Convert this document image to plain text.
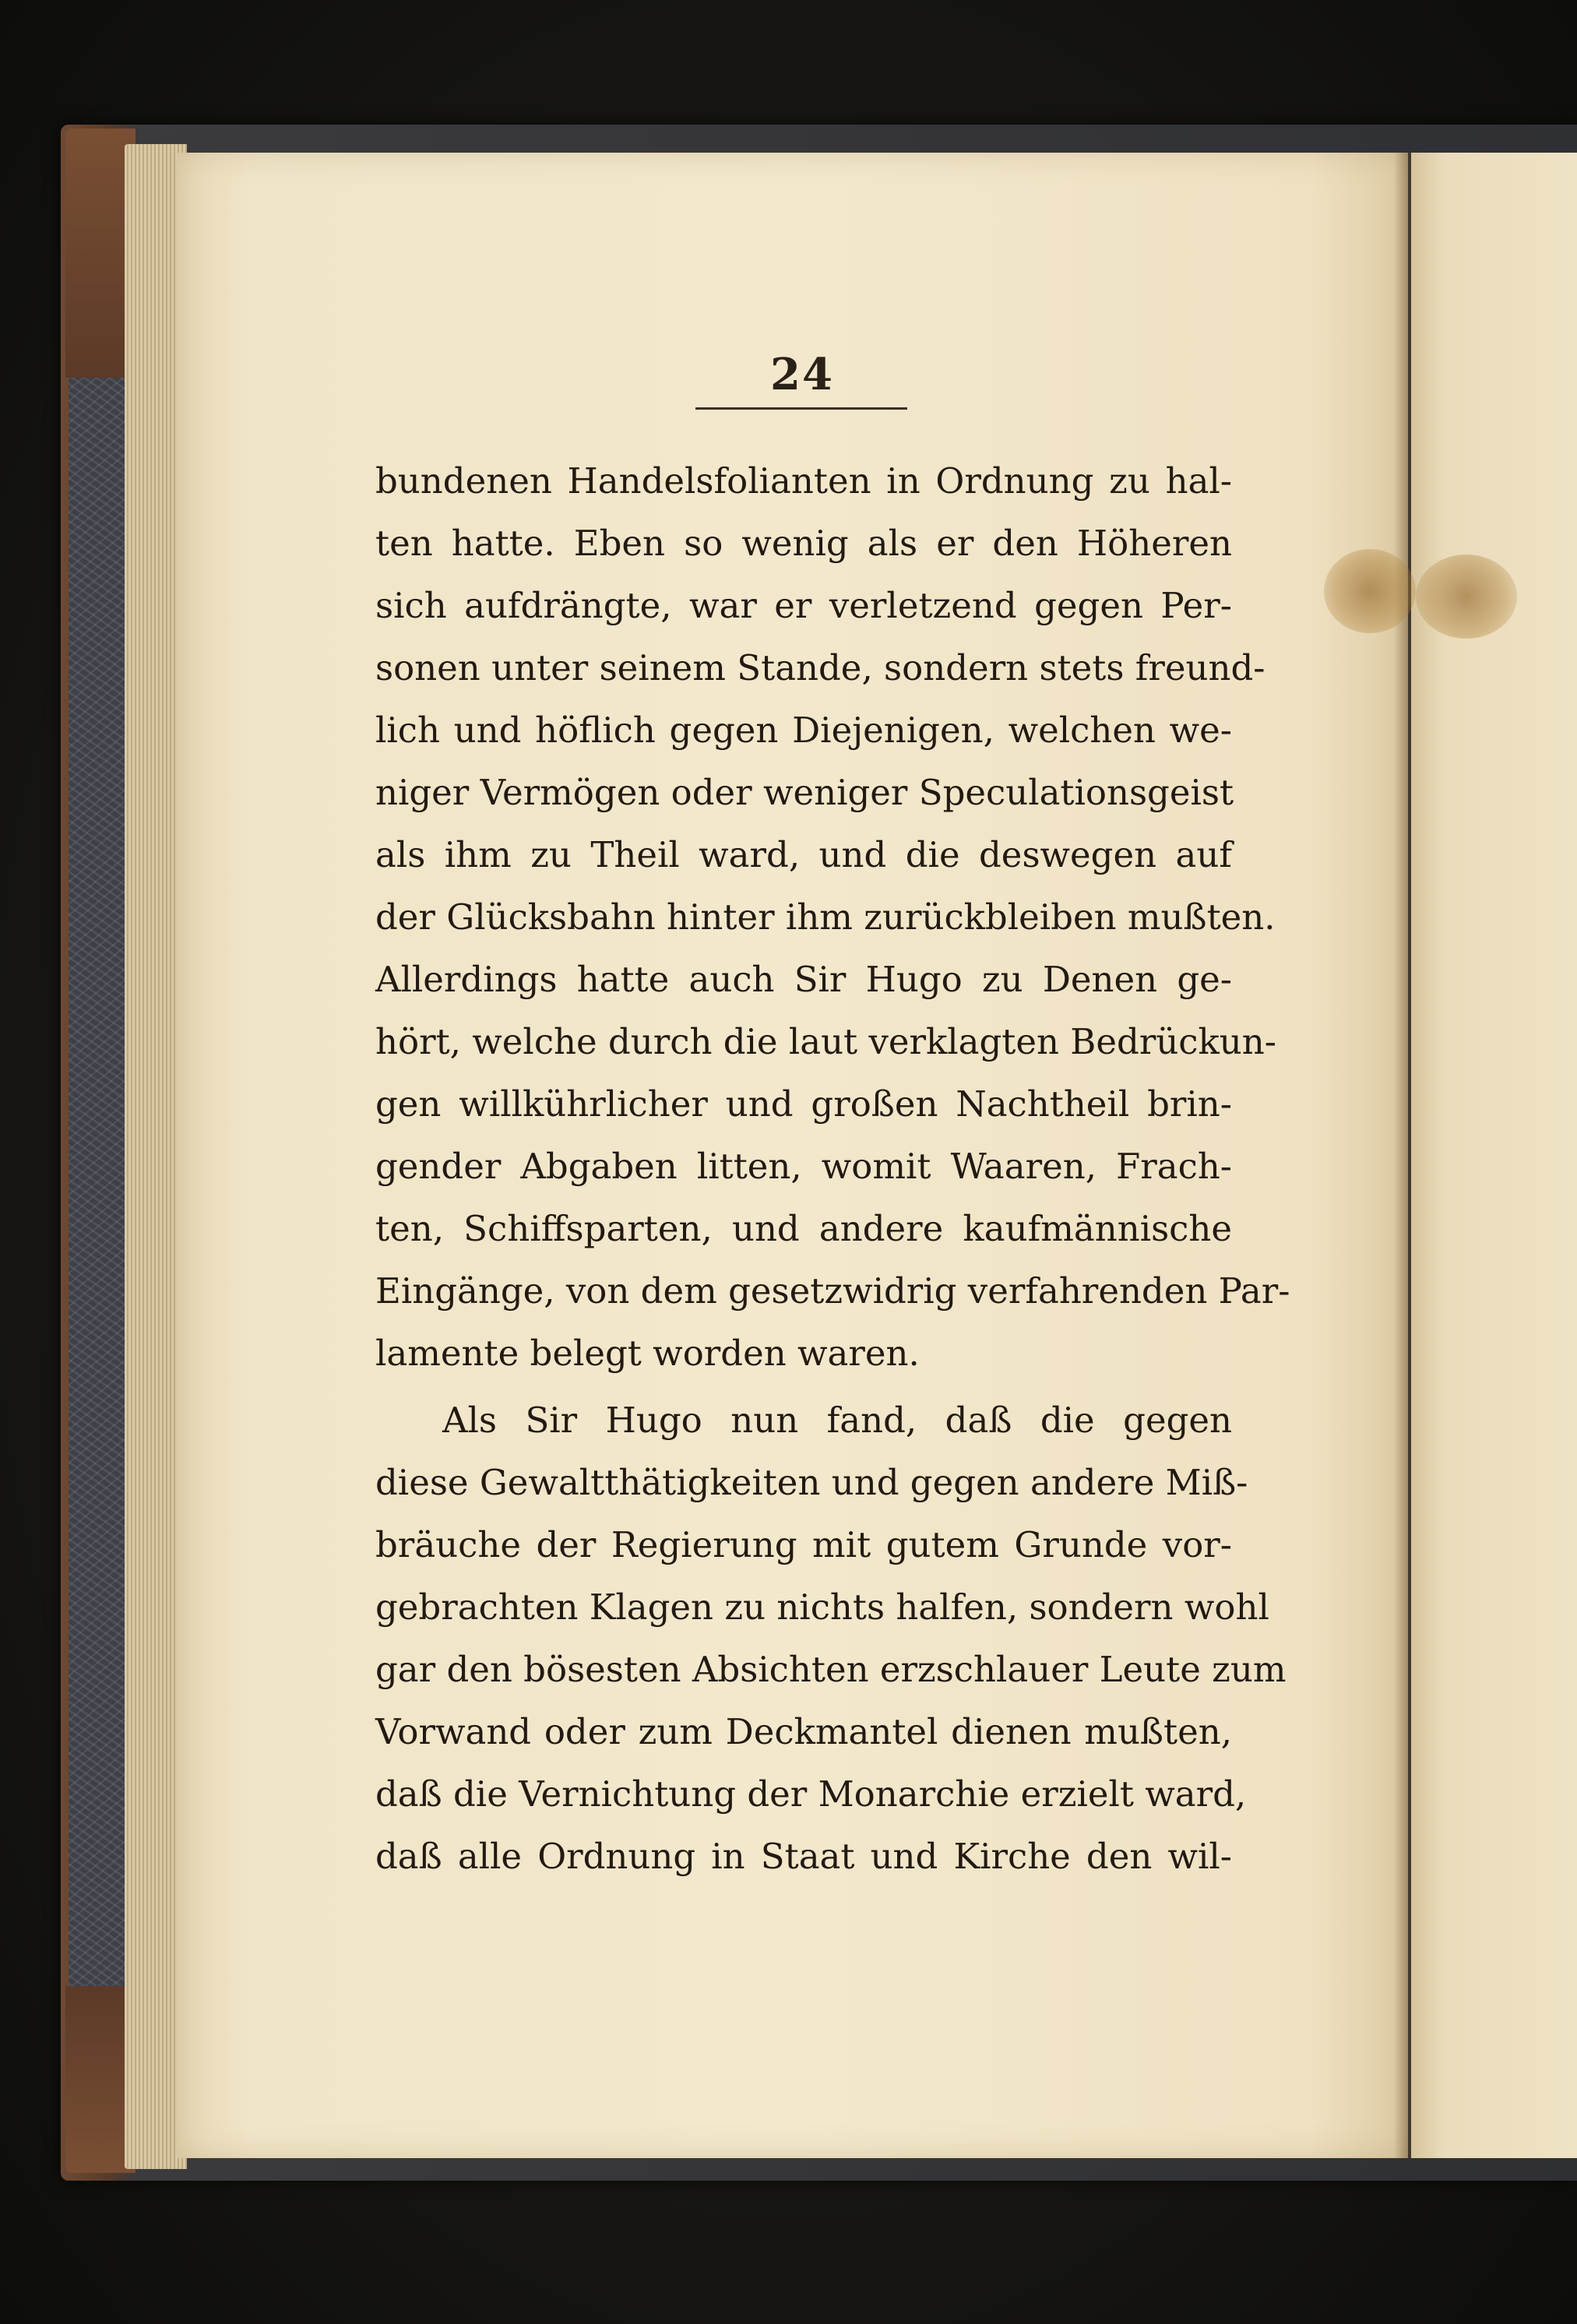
24
bundenen Handelsfolianten in Ordnung zu hal-
ten hatte. Eben so wenig als er den Höheren
sich aufdrängte, war er verletzend gegen Per-
sonen unter seinem Stande, sondern stets freund-
lich und höflich gegen Diejenigen, welchen we-
niger Vermögen oder weniger Speculationsgeist
als ihm zu Theil ward, und die deswegen auf
der Glücksbahn hinter ihm zurückbleiben mußten.
Allerdings hatte auch Sir Hugo zu Denen ge-
hört, welche durch die laut verklagten Bedrückun-
gen willkührlicher und großen Nachtheil brin-
gender Abgaben litten, womit Waaren, Frach-
ten, Schiffsparten, und andere kaufmännische
Eingänge, von dem gesetzwidrig verfahrenden Par-
lamente belegt worden waren.
Als Sir Hugo nun fand, daß die gegen
diese Gewaltthätigkeiten und gegen andere Miß-
bräuche der Regierung mit gutem Grunde vor-
gebrachten Klagen zu nichts halfen, sondern wohl
gar den bösesten Absichten erzschlauer Leute zum
Vorwand oder zum Deckmantel dienen mußten,
daß die Vernichtung der Monarchie erzielt ward,
daß alle Ordnung in Staat und Kirche den wil-
